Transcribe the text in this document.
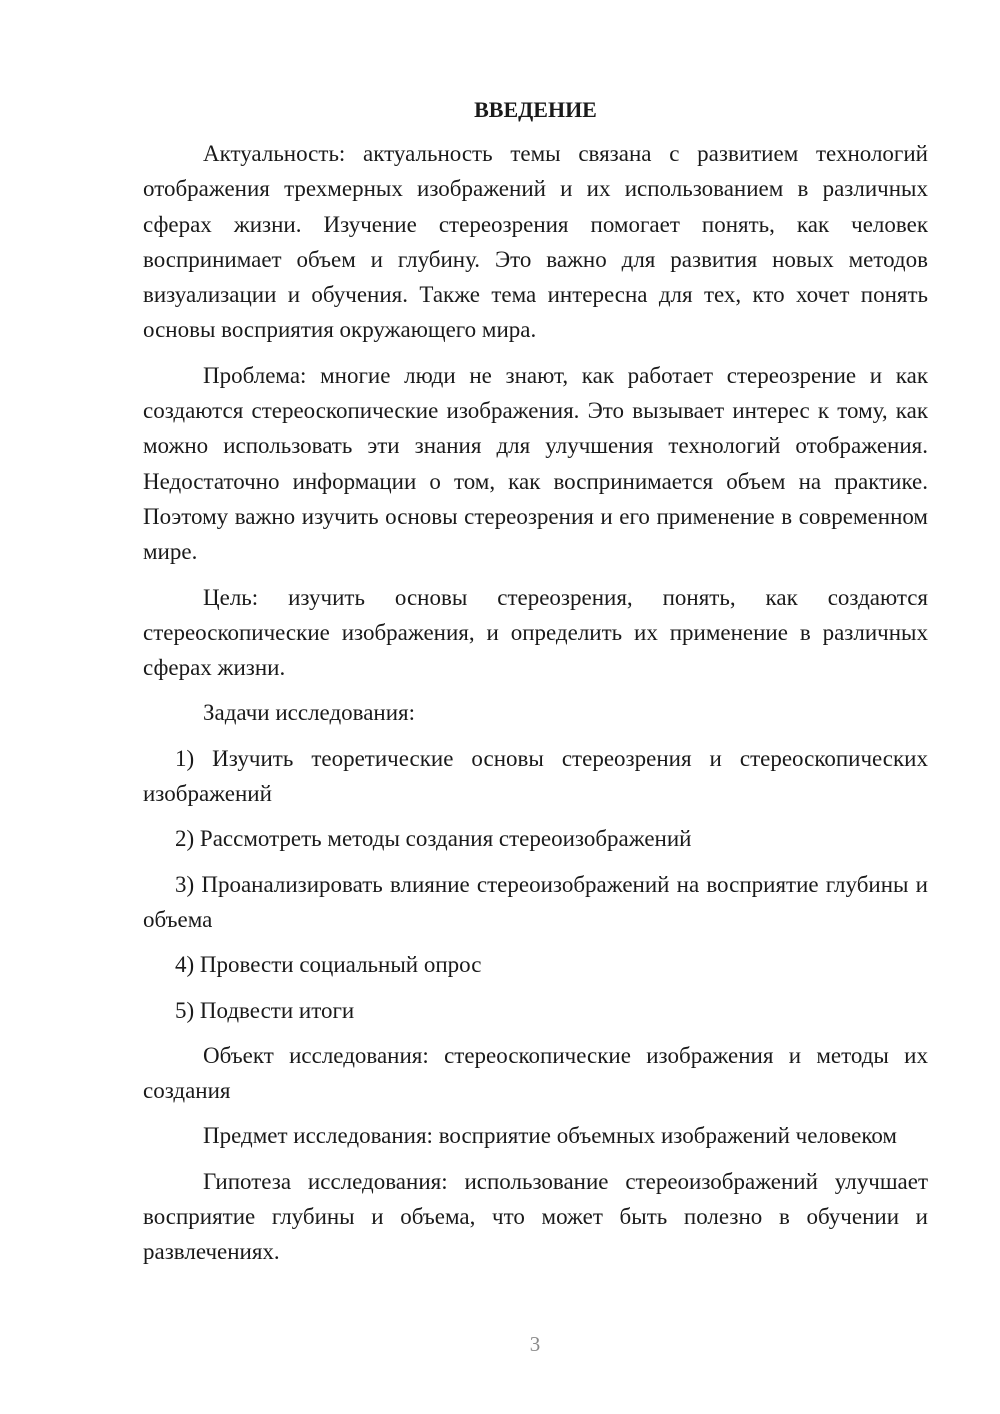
ВВЕДЕНИЕ

Актуальность: актуальность темы связана с развитием технологий отображения трехмерных изображений и их использованием в различных сферах жизни. Изучение стереозрения помогает понять, как человек воспринимает объем и глубину. Это важно для развития новых методов визуализации и обучения. Также тема интересна для тех, кто хочет понять основы восприятия окружающего мира.

Проблема: многие люди не знают, как работает стереозрение и как создаются стереоскопические изображения. Это вызывает интерес к тому, как можно использовать эти знания для улучшения технологий отображения. Недостаточно информации о том, как воспринимается объем на практике. Поэтому важно изучить основы стереозрения и его применение в современном мире.

Цель: изучить основы стереозрения, понять, как создаются стереоскопические изображения, и определить их применение в различных сферах жизни.

Задачи исследования:

1) Изучить теоретические основы стереозрения и стереоскопических изображений

2) Рассмотреть методы создания стереоизображений

3) Проанализировать влияние стереоизображений на восприятие глубины и объема

4) Провести социальный опрос

5) Подвести итоги

Объект исследования: стереоскопические изображения и методы их создания

Предмет исследования: восприятие объемных изображений человеком

Гипотеза исследования: использование стереоизображений улучшает восприятие глубины и объема, что может быть полезно в обучении и развлечениях.

3
